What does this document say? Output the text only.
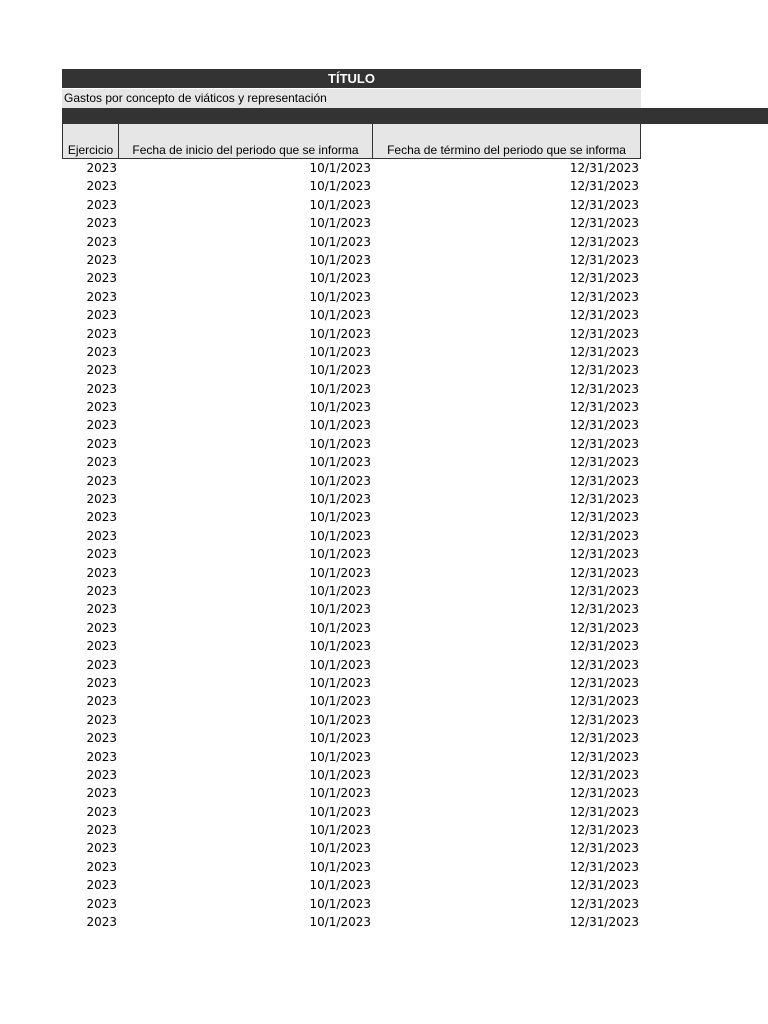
TÍTULO
Gastos por concepto de viáticos y representación
Ejercicio	Fecha de inicio del periodo que se informa	Fecha de término del periodo que se informa
2023	10/1/2023	12/31/2023
2023	10/1/2023	12/31/2023
2023	10/1/2023	12/31/2023
2023	10/1/2023	12/31/2023
2023	10/1/2023	12/31/2023
2023	10/1/2023	12/31/2023
2023	10/1/2023	12/31/2023
2023	10/1/2023	12/31/2023
2023	10/1/2023	12/31/2023
2023	10/1/2023	12/31/2023
2023	10/1/2023	12/31/2023
2023	10/1/2023	12/31/2023
2023	10/1/2023	12/31/2023
2023	10/1/2023	12/31/2023
2023	10/1/2023	12/31/2023
2023	10/1/2023	12/31/2023
2023	10/1/2023	12/31/2023
2023	10/1/2023	12/31/2023
2023	10/1/2023	12/31/2023
2023	10/1/2023	12/31/2023
2023	10/1/2023	12/31/2023
2023	10/1/2023	12/31/2023
2023	10/1/2023	12/31/2023
2023	10/1/2023	12/31/2023
2023	10/1/2023	12/31/2023
2023	10/1/2023	12/31/2023
2023	10/1/2023	12/31/2023
2023	10/1/2023	12/31/2023
2023	10/1/2023	12/31/2023
2023	10/1/2023	12/31/2023
2023	10/1/2023	12/31/2023
2023	10/1/2023	12/31/2023
2023	10/1/2023	12/31/2023
2023	10/1/2023	12/31/2023
2023	10/1/2023	12/31/2023
2023	10/1/2023	12/31/2023
2023	10/1/2023	12/31/2023
2023	10/1/2023	12/31/2023
2023	10/1/2023	12/31/2023
2023	10/1/2023	12/31/2023
2023	10/1/2023	12/31/2023
2023	10/1/2023	12/31/2023
